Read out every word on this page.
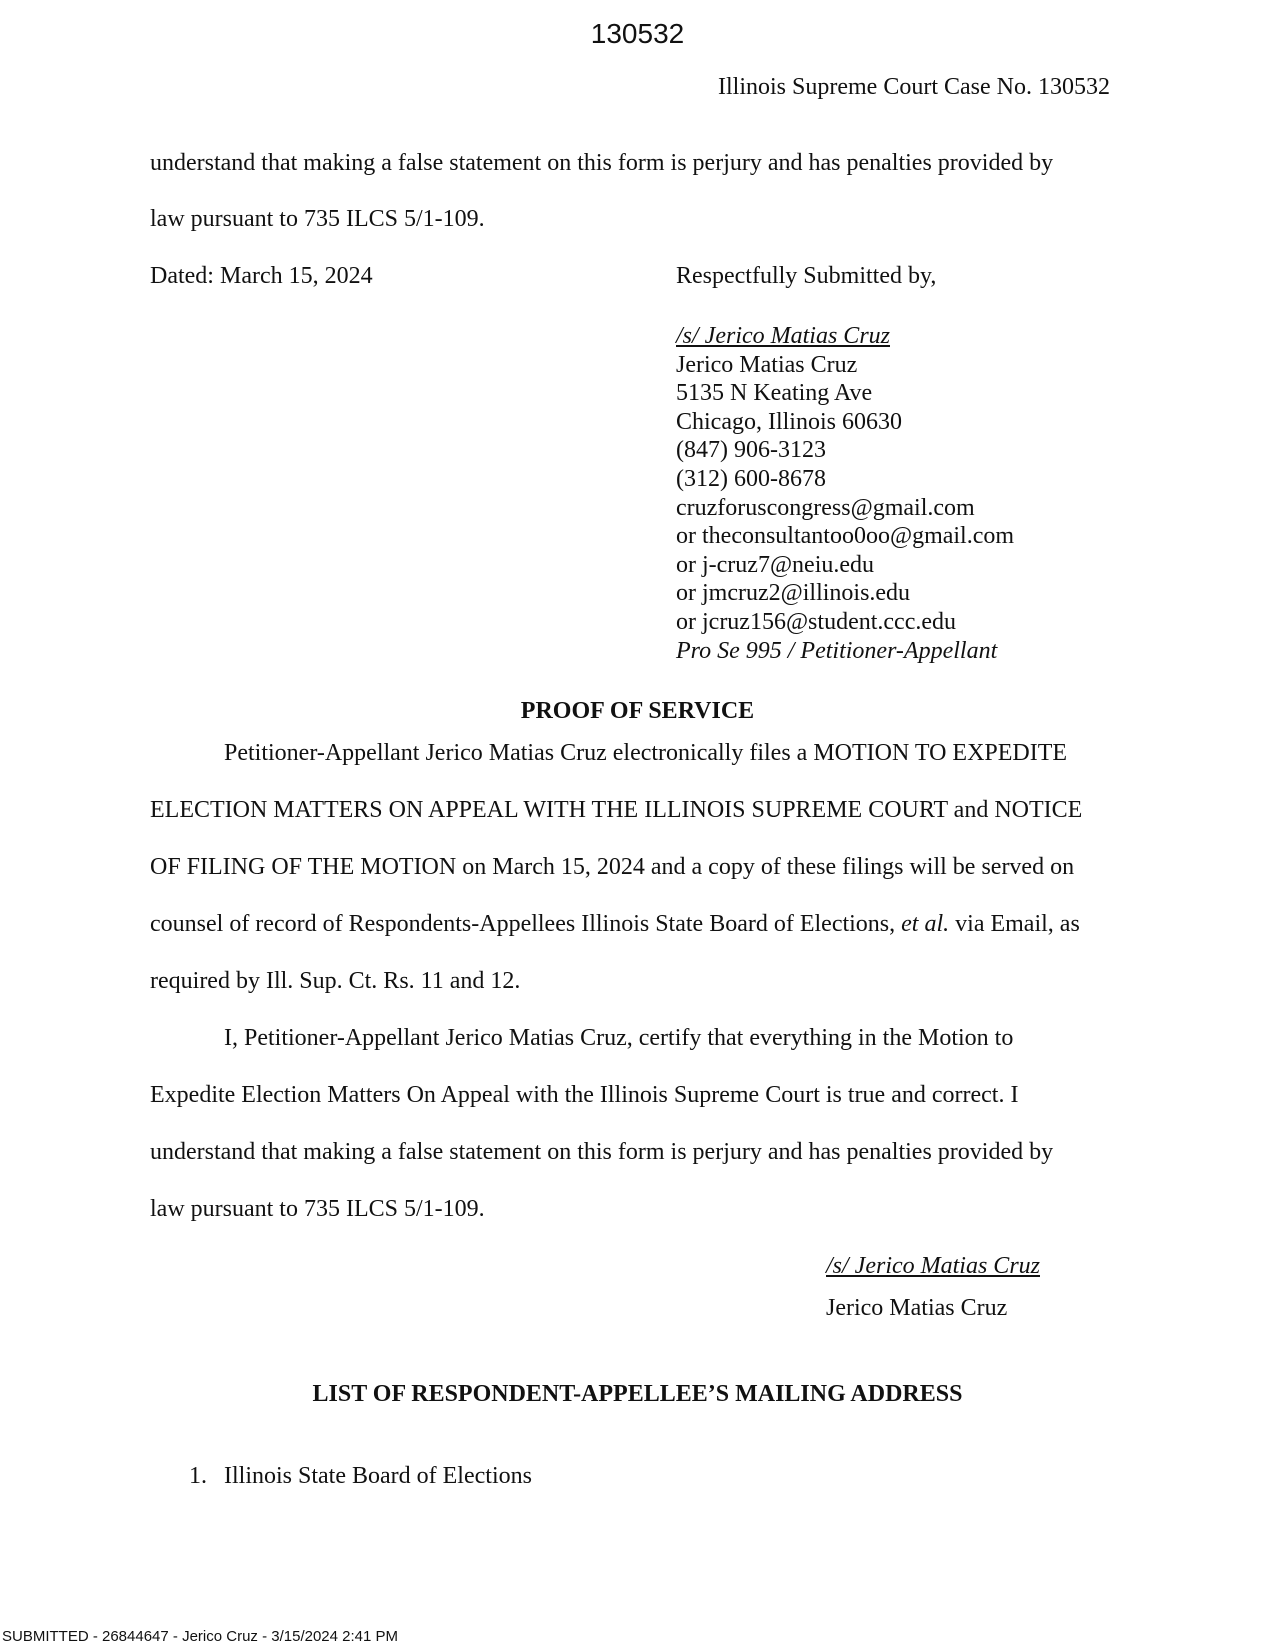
130532
Illinois Supreme Court Case No. 130532
understand that making a false statement on this form is perjury and has penalties provided by
law pursuant to 735 ILCS 5/1-109.
Dated: March 15, 2024	Respectfully Submitted by,
/s/ Jerico Matias Cruz
Jerico Matias Cruz
5135 N Keating Ave
Chicago, Illinois 60630
(847) 906-3123
(312) 600-8678
cruzforuscongress@gmail.com
or theconsultantoo0oo@gmail.com
or j-cruz7@neiu.edu
or jmcruz2@illinois.edu
or jcruz156@student.ccc.edu
Pro Se 995 / Petitioner-Appellant
PROOF OF SERVICE
Petitioner-Appellant Jerico Matias Cruz electronically files a MOTION TO EXPEDITE
ELECTION MATTERS ON APPEAL WITH THE ILLINOIS SUPREME COURT and NOTICE
OF FILING OF THE MOTION on March 15, 2024 and a copy of these filings will be served on
counsel of record of Respondents-Appellees Illinois State Board of Elections, et al. via Email, as
required by Ill. Sup. Ct. Rs. 11 and 12.
I, Petitioner-Appellant Jerico Matias Cruz, certify that everything in the Motion to
Expedite Election Matters On Appeal with the Illinois Supreme Court is true and correct. I
understand that making a false statement on this form is perjury and has penalties provided by
law pursuant to 735 ILCS 5/1-109.
/s/ Jerico Matias Cruz
Jerico Matias Cruz
LIST OF RESPONDENT-APPELLEE’S MAILING ADDRESS
1. Illinois State Board of Elections
SUBMITTED - 26844647 - Jerico Cruz - 3/15/2024 2:41 PM
